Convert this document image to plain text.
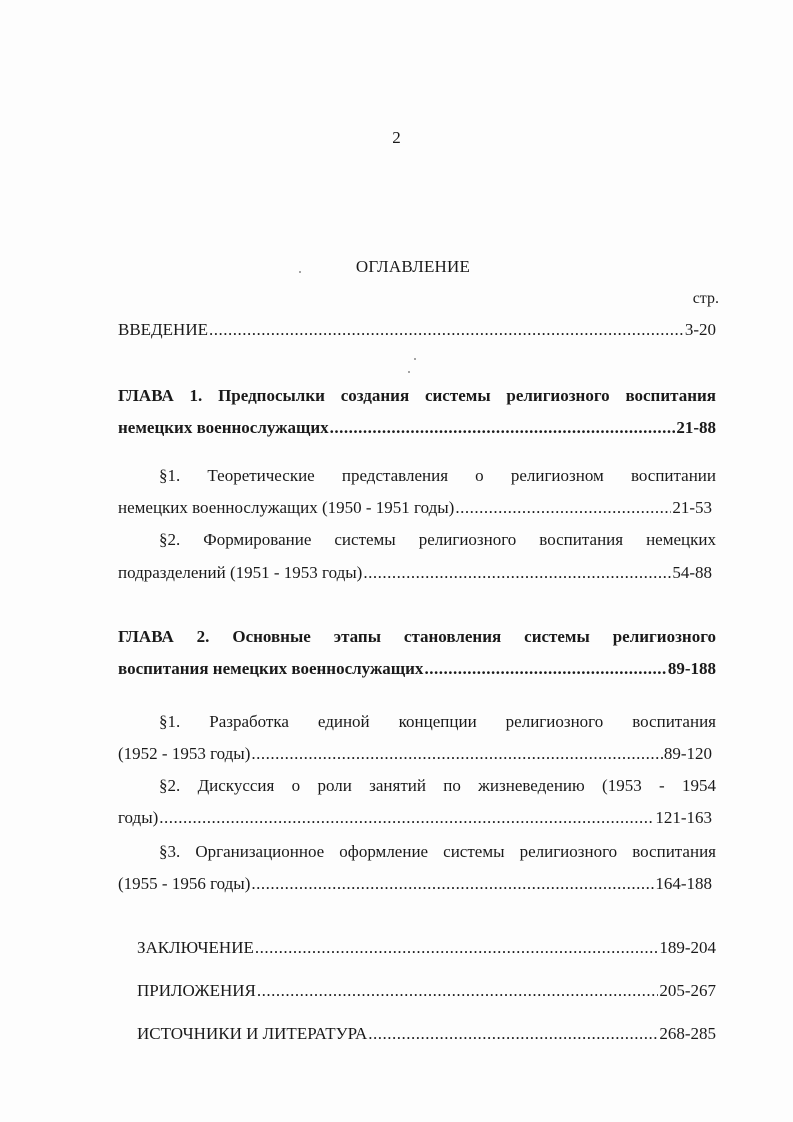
2
ОГЛАВЛЕНИЕ
стр.
ВВЕДЕНИЕ .....	3-20
ГЛАВА 1. Предпосылки создания системы религиозного воспитания
немецких военнослужащих .....	21-88
§1. Теоретические представления о религиозном воспитании
немецких военнослужащих (1950 - 1951 годы) .....	21-53
§2. Формирование системы религиозного воспитания немецких
подразделений (1951 - 1953 годы) .....	54-88
ГЛАВА 2. Основные этапы становления системы религиозного
воспитания немецких военнослужащих .....	89-188
§1. Разработка единой концепции религиозного воспитания
(1952 - 1953 годы) .....	89-120
§2. Дискуссия о роли занятий по жизневедению (1953 - 1954
годы) .....	121-163
§3. Организационное оформление системы религиозного воспитания
(1955 - 1956 годы) .....	164-188
ЗАКЛЮЧЕНИЕ .....	189-204
ПРИЛОЖЕНИЯ .....	205-267
ИСТОЧНИКИ И ЛИТЕРАТУРА .....	268-285
